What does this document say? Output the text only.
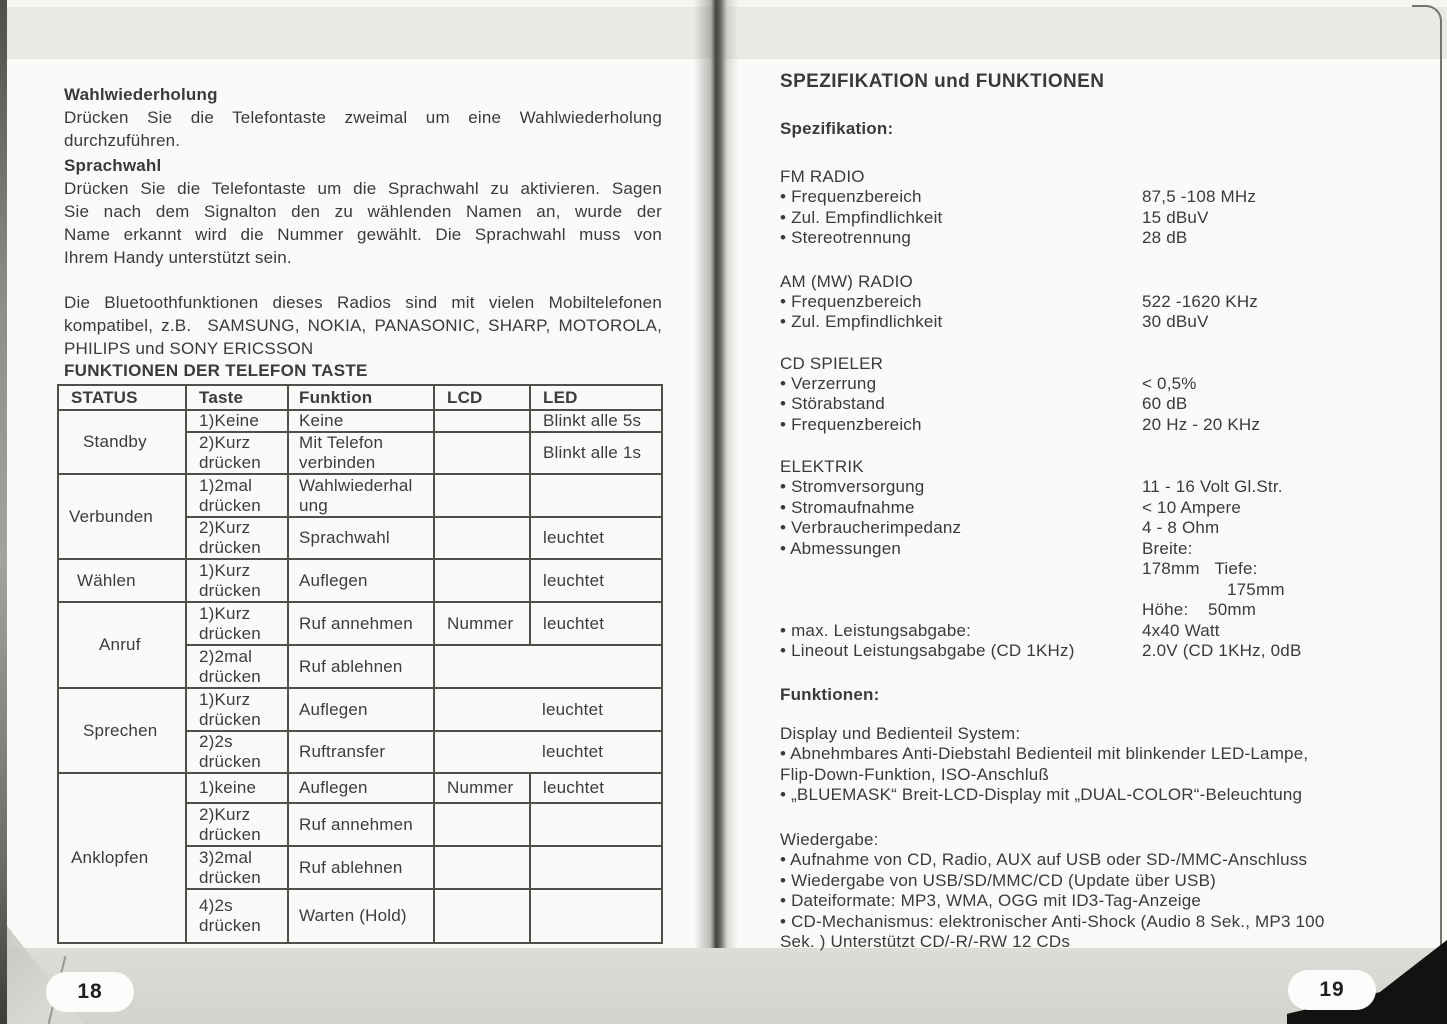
Wahlwiederholung
Drücken Sie die Telefontaste zweimal um eine Wahlwiederholung
durchzuführen.
Sprachwahl
Drücken Sie die Telefontaste um die Sprachwahl zu aktivieren. Sagen
Sie nach dem Signalton den zu wählenden Namen an, wurde der
Name erkannt wird die Nummer gewählt. Die Sprachwahl muss von
Ihrem Handy unterstützt sein.
Die Bluetoothfunktionen dieses Radios sind mit vielen Mobiltelefonen
kompatibel, z.B.  SAMSUNG, NOKIA, PANASONIC, SHARP, MOTOROLA,
PHILIPS und SONY ERICSSON
FUNKTIONEN DER TELEFON TASTE
STATUS	Taste	Funktion	LCD	LED
Standby	1)Keine	Keine		Blinkt alle 5s
	2)Kurz drücken	Mit Telefon verbinden		Blinkt alle 1s
Verbunden	1)2mal drücken	Wahlwiederhal ung		
	2)Kurz drücken	Sprachwahl		leuchtet
Wählen	1)Kurz drücken	Auflegen		leuchtet
Anruf	1)Kurz drücken	Ruf annehmen	Nummer	leuchtet
	2)2mal drücken	Ruf ablehnen		
Sprechen	1)Kurz drücken	Auflegen		leuchtet
	2)2s drücken	Ruftransfer		leuchtet
Anklopfen	1)keine	Auflegen	Nummer	leuchtet
	2)Kurz drücken	Ruf annehmen		
	3)2mal drücken	Ruf ablehnen		
	4)2s drücken	Warten (Hold)		
18
SPEZIFIKATION und FUNKTIONEN
Spezifikation:
FM RADIO
• Frequenzbereich	87,5 -108 MHz
• Zul. Empfindlichkeit	15 dBuV
• Stereotrennung	28 dB
AM (MW) RADIO
• Frequenzbereich	522 -1620 KHz
• Zul. Empfindlichkeit	30 dBuV
CD SPIELER
• Verzerrung	< 0,5%
• Störabstand	60 dB
• Frequenzbereich	20 Hz - 20 KHz
ELEKTRIK
• Stromversorgung	11 - 16 Volt Gl.Str.
• Stromaufnahme	< 10 Ampere
• Verbraucherimpedanz	4 - 8 Ohm
• Abmessungen	Breite:
178mm   Tiefe:
175mm
Höhe:    50mm
• max. Leistungsabgabe:	4x40 Watt
• Lineout Leistungsabgabe (CD 1KHz)	2.0V (CD 1KHz, 0dB
Funktionen:
Display und Bedienteil System:
• Abnehmbares Anti-Diebstahl Bedienteil mit blinkender LED-Lampe,
Flip-Down-Funktion, ISO-Anschluß
• „BLUEMASK“ Breit-LCD-Display mit „DUAL-COLOR“-Beleuchtung
Wiedergabe:
• Aufnahme von CD, Radio, AUX auf USB oder SD-/MMC-Anschluss
• Wiedergabe von USB/SD/MMC/CD (Update über USB)
• Dateiformate: MP3, WMA, OGG mit ID3-Tag-Anzeige
• CD-Mechanismus: elektronischer Anti-Shock (Audio 8 Sek., MP3 100
Sek. ) Unterstützt CD/-R/-RW 12 CDs
19
